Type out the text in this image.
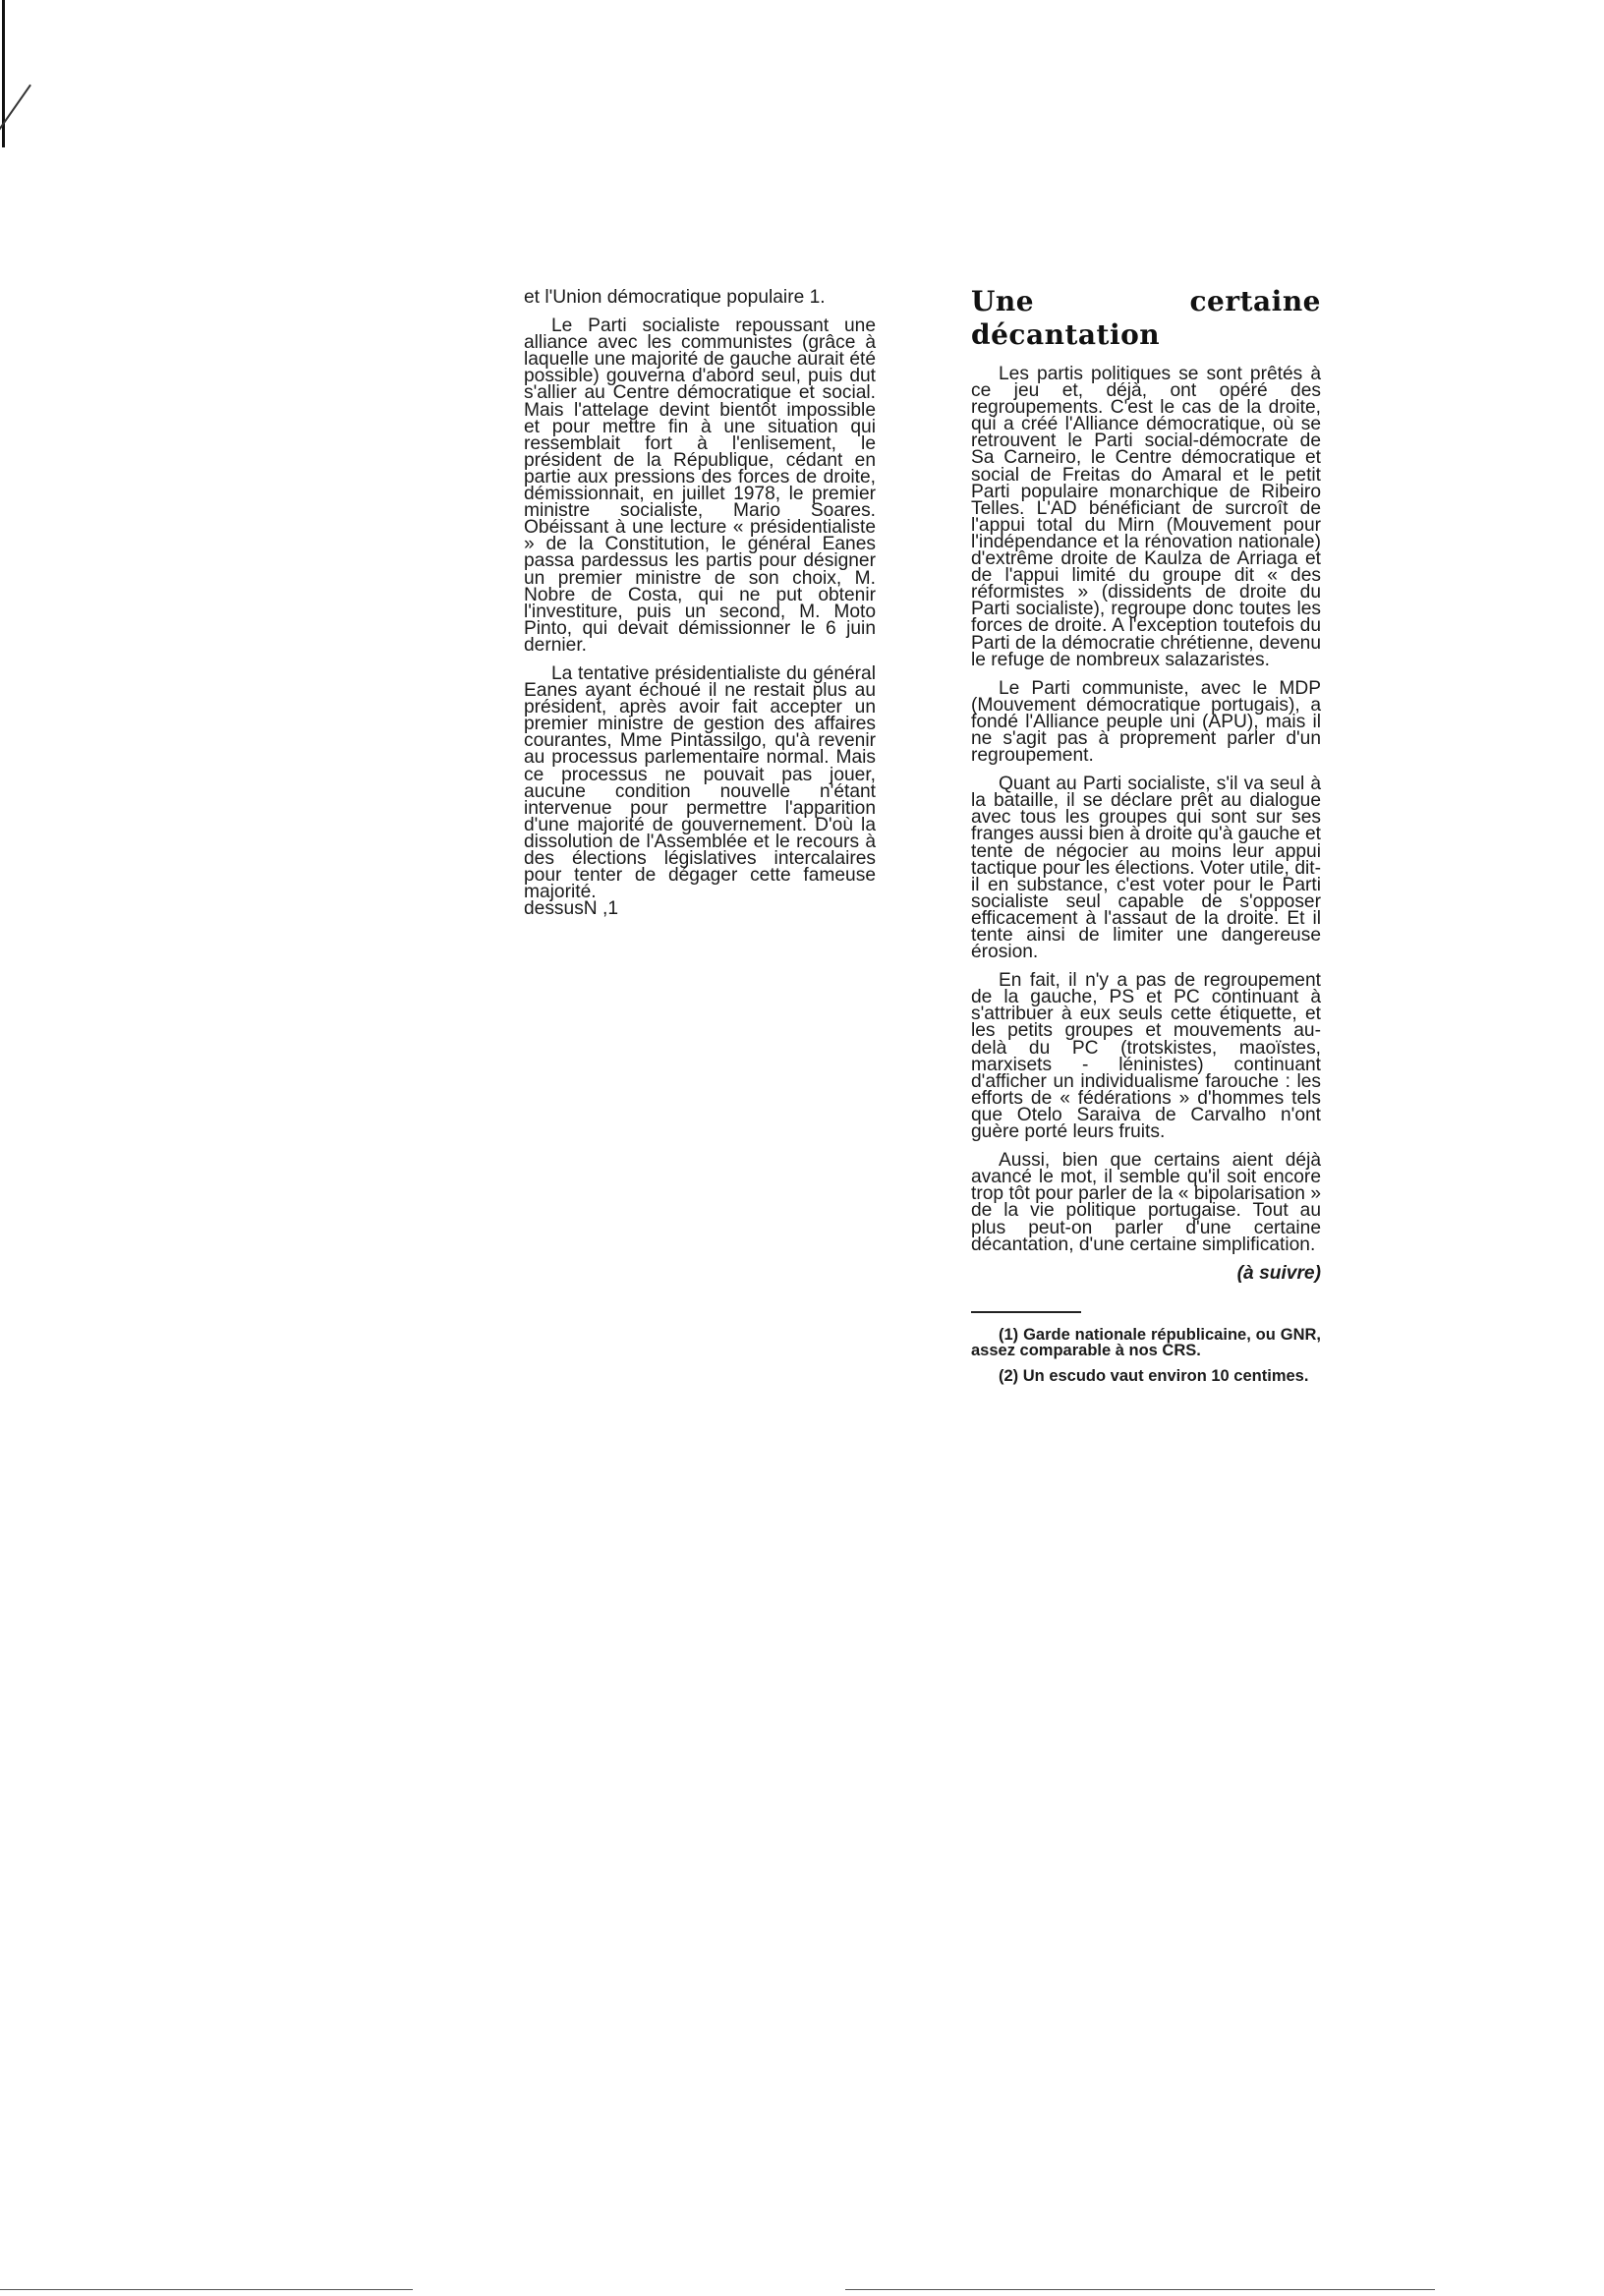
et l'Union démocratique populaire 1.

Le Parti socialiste repoussant une alliance avec les communistes (grâce à laquelle une majorité de gauche aurait été possible) gouverna d'abord seul, puis dut s'allier au Centre démocratique et social. Mais l'attelage devint bientôt impossible et pour mettre fin à une situation qui ressemblait fort à l'enlisement, le président de la République, cédant en partie aux pressions des forces de droite, démissionnait, en juillet 1978, le premier ministre socialiste, Mario Soares. Obéissant à une lecture « présidentialiste » de la Constitution, le général Eanes passa pardessus les partis pour désigner un premier ministre de son choix, M. Nobre de Costa, qui ne put obtenir l'investiture, puis un second, M. Moto Pinto, qui devait démissionner le 6 juin dernier.

La tentative présidentialiste du général Eanes ayant échoué il ne restait plus au président, après avoir fait accepter un premier ministre de gestion des affaires courantes, Mme Pintassilgo, qu'à revenir au processus parlementaire normal. Mais ce processus ne pouvait pas jouer, aucune condition nouvelle n'étant intervenue pour permettre l'apparition d'une majorité de gouvernement. D'où la dissolution de l'Assemblée et le recours à des élections législatives intercalaires pour tenter de dégager cette fameuse majorité.

dessusN ,1

Une certaine décantation

Les partis politiques se sont prêtés à ce jeu et, déjà, ont opéré des regroupements. C'est le cas de la droite, qui a créé l'Alliance démocratique, où se retrouvent le Parti social-démocrate de Sa Carneiro, le Centre démocratique et social de Freitas do Amaral et le petit Parti populaire monarchique de Ribeiro Telles. L'AD bénéficiant de surcroît de l'appui total du Mirn (Mouvement pour l'indépendance et la rénovation nationale) d'extrême droite de Kaulza de Arriaga et de l'appui limité du groupe dit « des réformistes » (dissidents de droite du Parti socialiste), regroupe donc toutes les forces de droite. A l'exception toutefois du Parti de la démocratie chrétienne, devenu le refuge de nombreux salazaristes.

Le Parti communiste, avec le MDP (Mouvement démocratique portugais), a fondé l'Alliance peuple uni (APU), mais il ne s'agit pas à proprement parler d'un regroupement.

Quant au Parti socialiste, s'il va seul à la bataille, il se déclare prêt au dialogue avec tous les groupes qui sont sur ses franges aussi bien à droite qu'à gauche et tente de négocier au moins leur appui tactique pour les élections. Voter utile, dit-il en substance, c'est voter pour le Parti socialiste seul capable de s'opposer efficacement à l'assaut de la droite. Et il tente ainsi de limiter une dangereuse érosion.

En fait, il n'y a pas de regroupement de la gauche, PS et PC continuant à s'attribuer à eux seuls cette étiquette, et les petits groupes et mouvements au-delà du PC (trotskistes, maoïstes, marxisets - léninistes) continuant d'afficher un individualisme farouche : les efforts de « fédérations » d'hommes tels que Otelo Saraiva de Carvalho n'ont guère porté leurs fruits.

Aussi, bien que certains aient déjà avancé le mot, il semble qu'il soit encore trop tôt pour parler de la « bipolarisation » de la vie politique portugaise. Tout au plus peut-on parler d'une certaine décantation, d'une certaine simplification.

(à suivre)
(1) Garde nationale républicaine, ou GNR, assez comparable à nos CRS.
(2) Un escudo vaut environ 10 centimes.
